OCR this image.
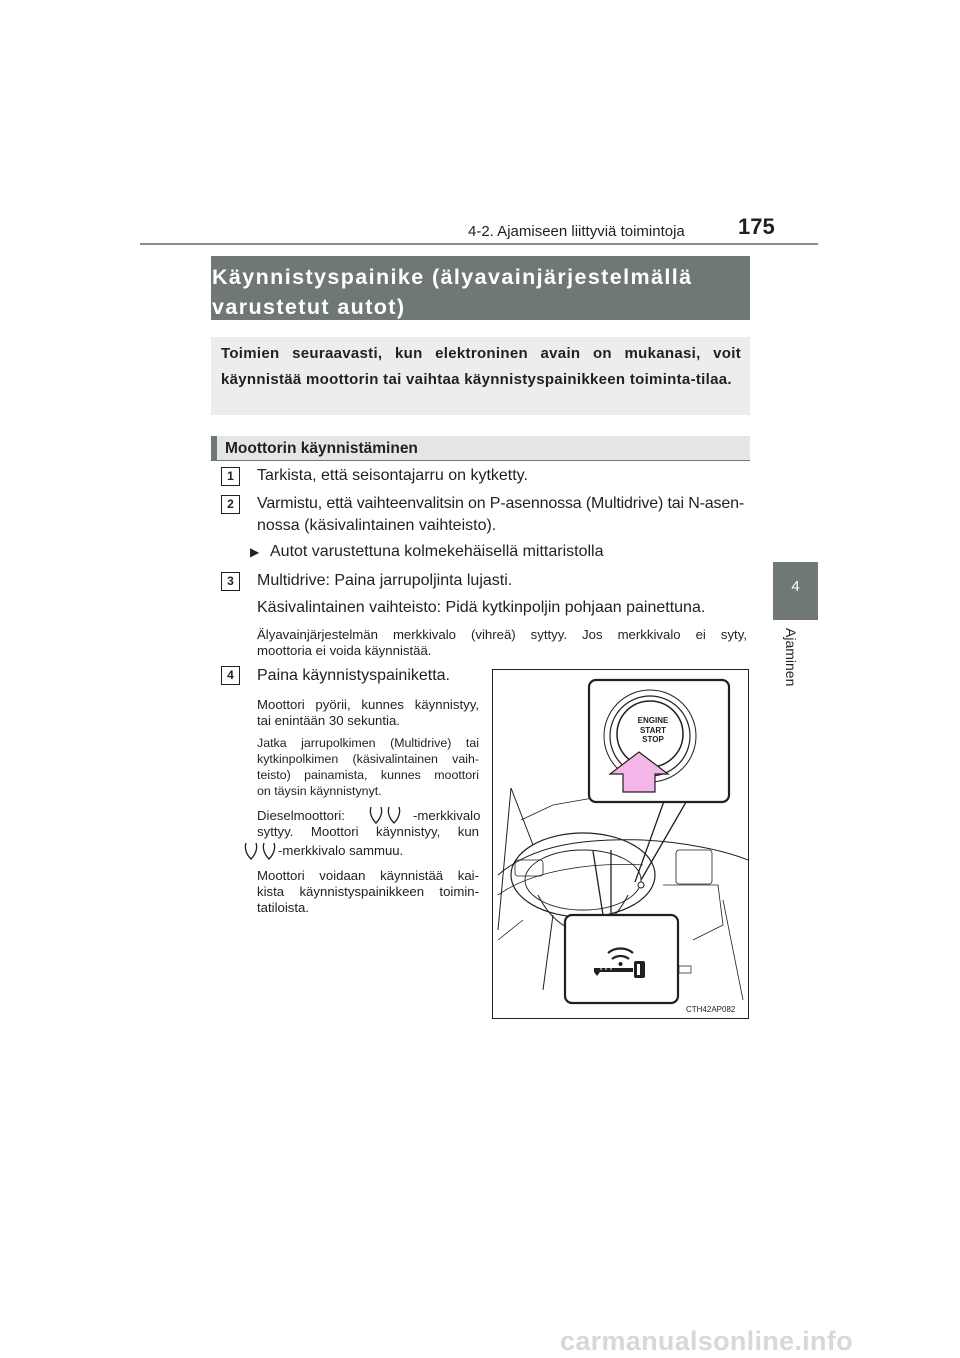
4-2. Ajamiseen liittyviä toimintoja 175
4
Ajaminen
Käynnistyspainike (älyavainjärjestelmällä
varustetut autot)
Toimien seuraavasti, kun elektroninen avain on mukanasi, voit käynnistää moottorin tai vaihtaa käynnistyspainikkeen toiminta-tilaa.
Moottorin käynnistäminen
1	Tarkista, että seisontajarru on kytketty.
2	Varmistu, että vaihteenvalitsin on P-asennossa (Multidrive) tai N-asen-
nossa (käsivalintainen vaihteisto).
▶ Autot varustettuna kolmekehäisellä mittaristolla
3	Multidrive: Paina jarrupoljinta lujasti.
Käsivalintainen vaihteisto: Pidä kytkinpoljin pohjaan painettuna.
Älyavainjärjestelmän merkkivalo (vihreä) syttyy. Jos merkkivalo ei syty,
moottoria ei voida käynnistää.
4	Paina käynnistyspainiketta.
Moottori pyörii, kunnes käynnistyy,
tai enintään 30 sekuntia.
Jatka jarrupolkimen (Multidrive) tai
kytkinpolkimen (käsivalintainen vaih-
teisto) painamista, kunnes moottori
on täysin käynnistynyt.
Dieselmoottori:	-merkkivalo
syttyy. Moottori käynnistyy, kun
-merkkivalo sammuu.
Moottori voidaan käynnistää kai-
kista käynnistyspainikkeen toimin-
tatiloista.
ENGINE
START
STOP
CTH42AP082
carmanualsonline.info
